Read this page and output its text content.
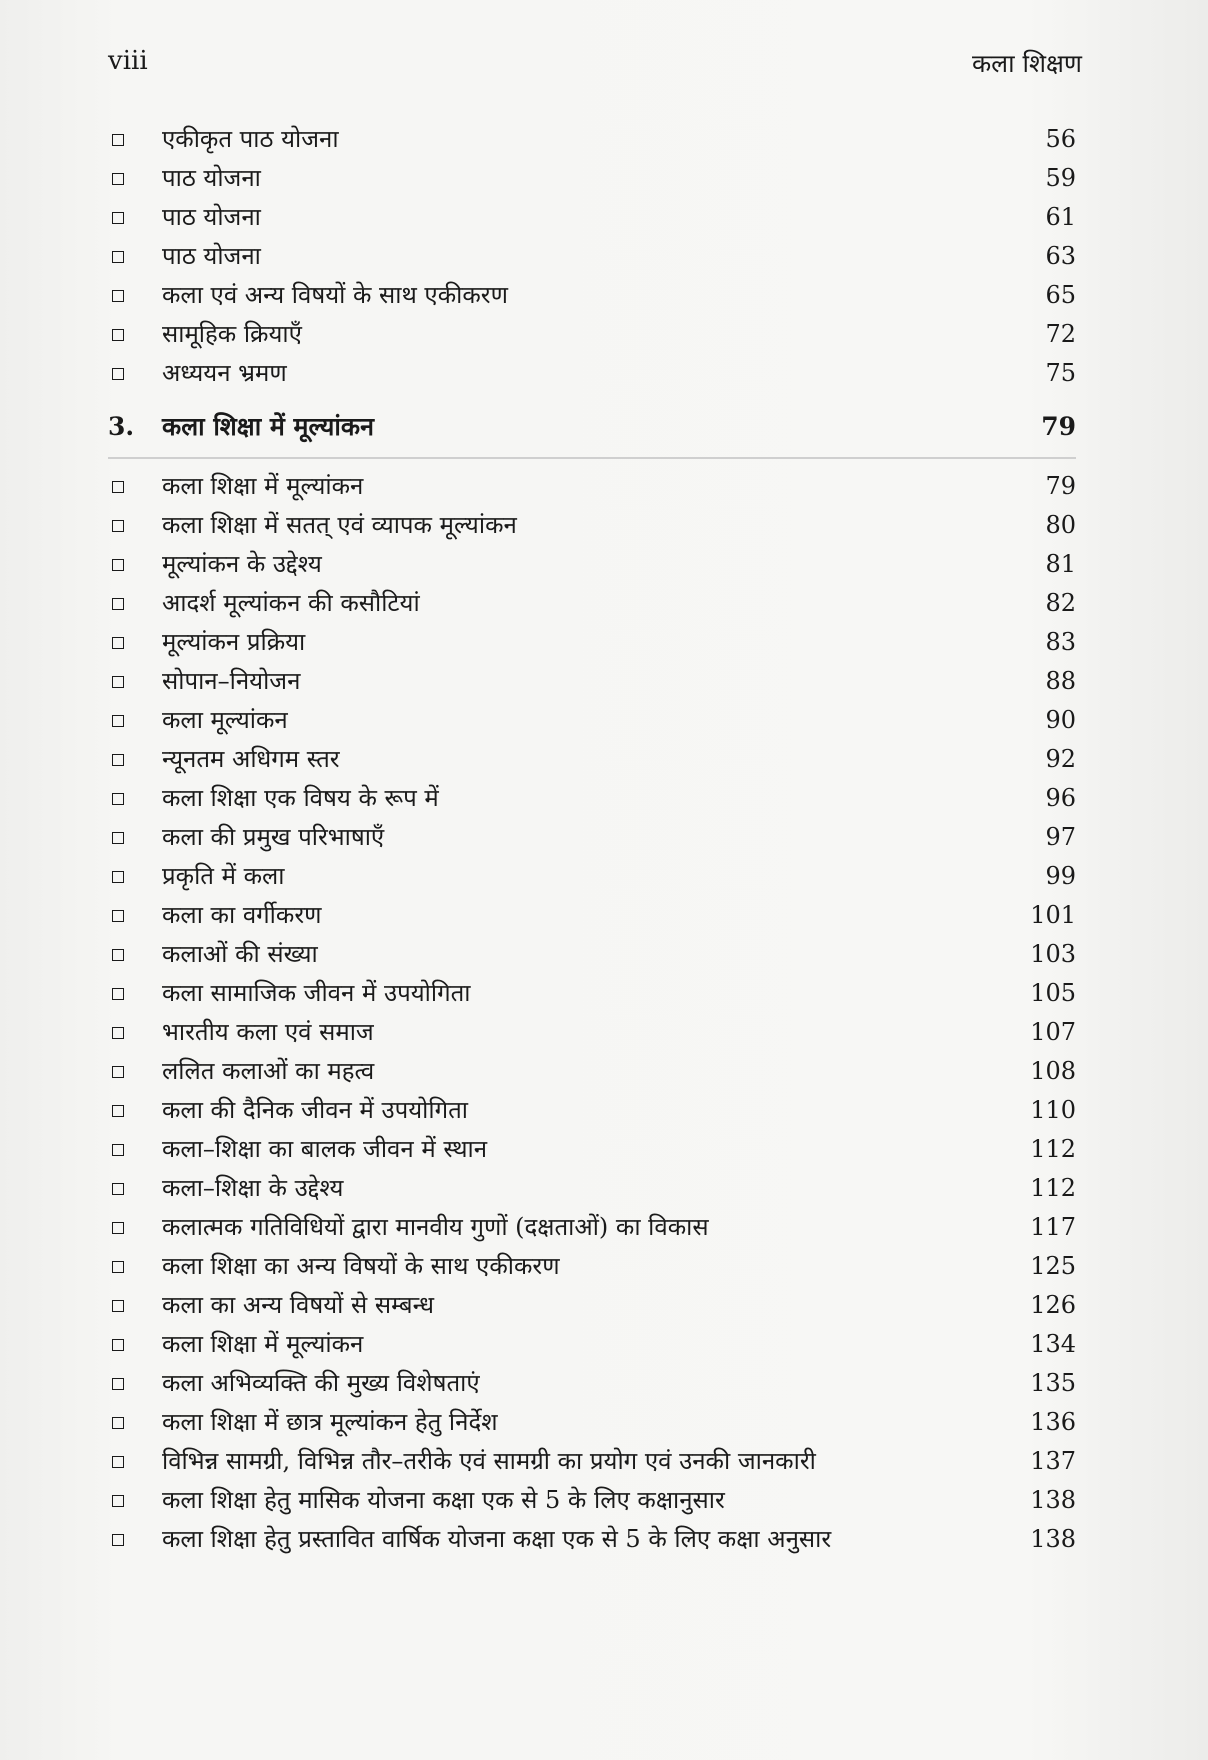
viii	कला शिक्षण
एकीकृत पाठ योजना	56
पाठ योजना	59
पाठ योजना	61
पाठ योजना	63
कला एवं अन्य विषयों के साथ एकीकरण	65
सामूहिक क्रियाएँ	72
अध्ययन भ्रमण	75
3. कला शिक्षा में मूल्यांकन	79
कला शिक्षा में मूल्यांकन	79
कला शिक्षा में सतत् एवं व्यापक मूल्यांकन	80
मूल्यांकन के उद्देश्य	81
आदर्श मूल्यांकन की कसौटियां	82
मूल्यांकन प्रक्रिया	83
सोपान–नियोजन	88
कला मूल्यांकन	90
न्यूनतम अधिगम स्तर	92
कला शिक्षा एक विषय के रूप में	96
कला की प्रमुख परिभाषाएँ	97
प्रकृति में कला	99
कला का वर्गीकरण	101
कलाओं की संख्या	103
कला सामाजिक जीवन में उपयोगिता	105
भारतीय कला एवं समाज	107
ललित कलाओं का महत्व	108
कला की दैनिक जीवन में उपयोगिता	110
कला–शिक्षा का बालक जीवन में स्थान	112
कला–शिक्षा के उद्देश्य	112
कलात्मक गतिविधियों द्वारा मानवीय गुणों (दक्षताओं) का विकास	117
कला शिक्षा का अन्य विषयों के साथ एकीकरण	125
कला का अन्य विषयों से सम्बन्ध	126
कला शिक्षा में मूल्यांकन	134
कला अभिव्यक्ति की मुख्य विशेषताएं	135
कला शिक्षा में छात्र मूल्यांकन हेतु निर्देश	136
विभिन्न सामग्री, विभिन्न तौर–तरीके एवं सामग्री का प्रयोग एवं उनकी जानकारी	137
कला शिक्षा हेतु मासिक योजना कक्षा एक से 5 के लिए कक्षानुसार	138
कला शिक्षा हेतु प्रस्तावित वार्षिक योजना कक्षा एक से 5 के लिए कक्षा अनुसार	138
